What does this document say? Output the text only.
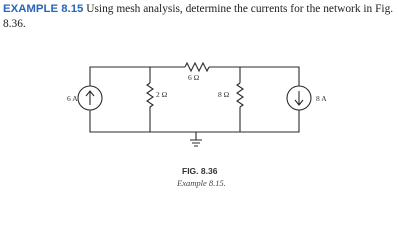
EXAMPLE 8.15 Using mesh analysis, determine the currents for the network in Fig. 8.36.
6 A	2 Ω
6 Ω
8 Ω	8 A
FIG. 8.36
Example 8.15.
